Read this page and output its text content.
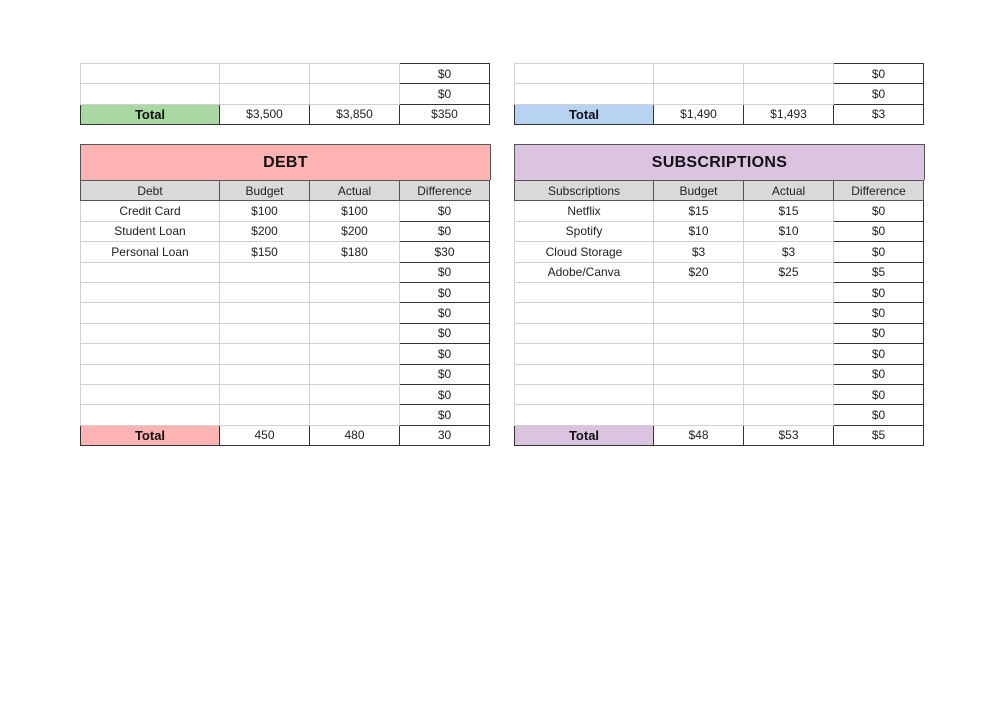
			$0
			$0
Total	$3,500	$3,850	$350
			$0
			$0
Total	$1,490	$1,493	$3
DEBT
Debt	Budget	Actual	Difference
Credit Card	$100	$100	$0
Student Loan	$200	$200	$0
Personal Loan	$150	$180	$30
			$0
			$0
			$0
			$0
			$0
			$0
			$0
			$0
Total	450	480	30
SUBSCRIPTIONS
Subscriptions	Budget	Actual	Difference
Netflix	$15	$15	$0
Spotify	$10	$10	$0
Cloud Storage	$3	$3	$0
Adobe/Canva	$20	$25	$5
			$0
			$0
			$0
			$0
			$0
			$0
			$0
Total	$48	$53	$5
